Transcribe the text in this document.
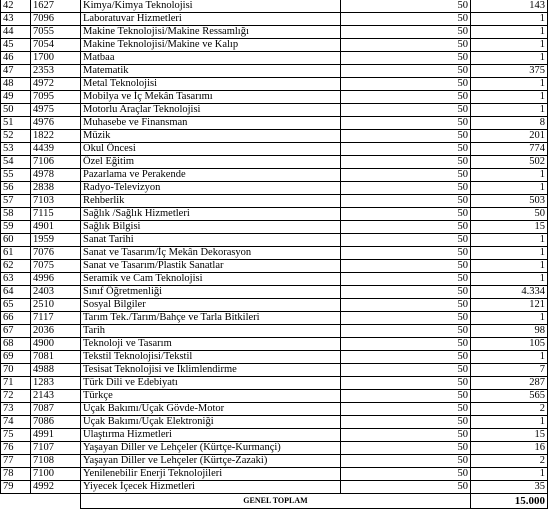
42	1627	Kimya/Kimya Teknolojisi	50	143
43	7096	Laboratuvar Hizmetleri	50	1
44	7055	Makine Teknolojisi/Makine Ressamlığı	50	1
45	7054	Makine Teknolojisi/Makine ve Kalıp	50	1
46	1700	Matbaa	50	1
47	2353	Matematik	50	375
48	4972	Metal Teknolojisi	50	1
49	7095	Mobilya ve İç Mekân Tasarımı	50	1
50	4975	Motorlu Araçlar Teknolojisi	50	1
51	4976	Muhasebe ve Finansman	50	8
52	1822	Müzik	50	201
53	4439	Okul Öncesi	50	774
54	7106	Özel Eğitim	50	502
55	4978	Pazarlama ve Perakende	50	1
56	2838	Radyo-Televizyon	50	1
57	7103	Rehberlik	50	503
58	7115	Sağlık /Sağlık Hizmetleri	50	50
59	4901	Sağlık Bilgisi	50	15
60	1959	Sanat Tarihi	50	1
61	7076	Sanat ve Tasarım/İç Mekân Dekorasyon	50	1
62	7075	Sanat ve Tasarım/Plastik Sanatlar	50	1
63	4996	Seramik ve Cam Teknolojisi	50	1
64	2403	Sınıf Öğretmenliği	50	4.334
65	2510	Sosyal Bilgiler	50	121
66	7117	Tarım Tek./Tarım/Bahçe ve Tarla Bitkileri	50	1
67	2036	Tarih	50	98
68	4900	Teknoloji ve Tasarım	50	105
69	7081	Tekstil Teknolojisi/Tekstil	50	1
70	4988	Tesisat Teknolojisi ve İklimlendirme	50	7
71	1283	Türk Dili ve Edebiyatı	50	287
72	2143	Türkçe	50	565
73	7087	Uçak Bakımı/Uçak Gövde-Motor	50	2
74	7086	Uçak Bakımı/Uçak Elektroniği	50	1
75	4991	Ulaştırma Hizmetleri	50	15
76	7107	Yaşayan Diller ve Lehçeler (Kürtçe-Kurmançi)	50	16
77	7108	Yaşayan Diller ve Lehçeler (Kürtçe-Zazaki)	50	2
78	7100	Yenilenebilir Enerji Teknolojileri	50	1
79	4992	Yiyecek İçecek Hizmetleri	50	35
		GENEL TOPLAM		15.000
